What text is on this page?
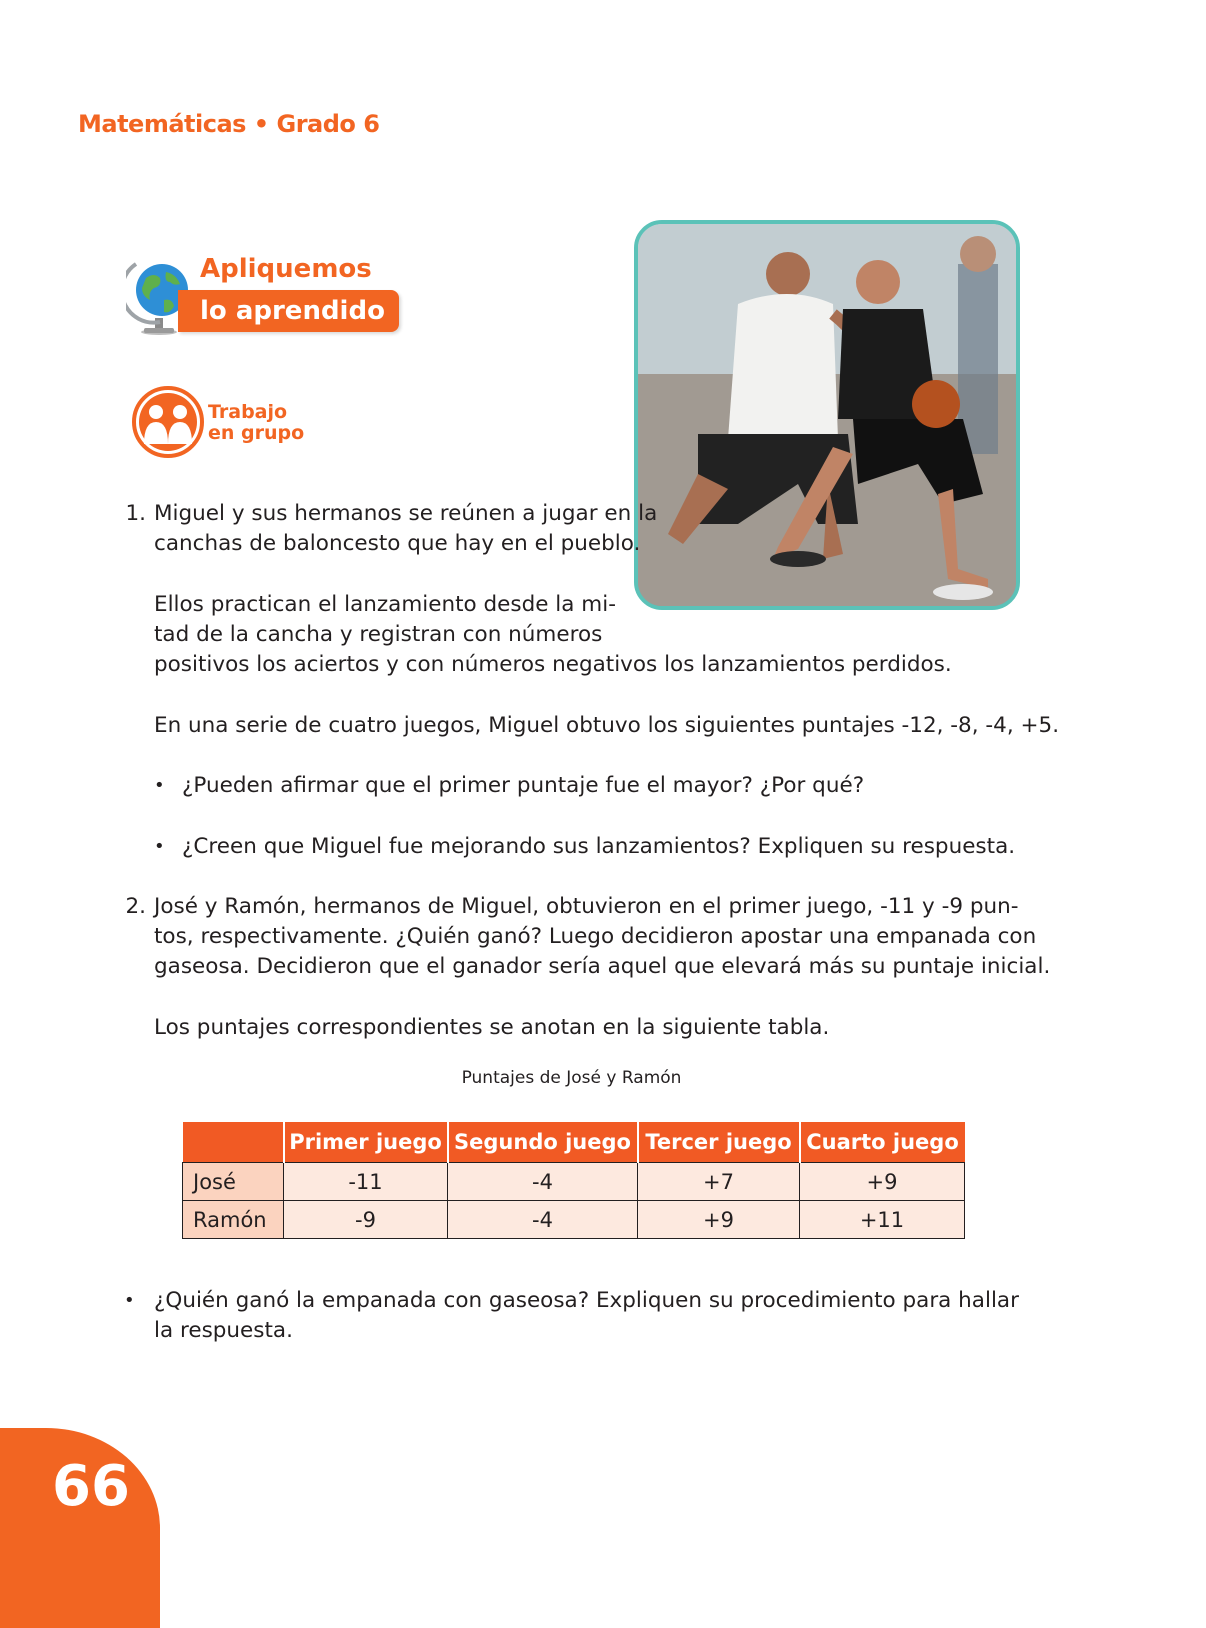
Matemáticas • Grado 6
Apliquemos
lo aprendido
Trabajo
en grupo
1. Miguel y sus hermanos se reúnen a jugar en la
canchas de baloncesto que hay en el pueblo.
Ellos practican el lanzamiento desde la mi-
tad de la cancha y registran con números
positivos los aciertos y con números negativos los lanzamientos perdidos.
En una serie de cuatro juegos, Miguel obtuvo los siguientes puntajes -12, -8, -4, +5.
• ¿Pueden afirmar que el primer puntaje fue el mayor? ¿Por qué?
• ¿Creen que Miguel fue mejorando sus lanzamientos? Expliquen su respuesta.
2. José y Ramón, hermanos de Miguel, obtuvieron en el primer juego, -11 y -9 pun-
tos, respectivamente. ¿Quién ganó? Luego decidieron apostar una empanada con
gaseosa. Decidieron que el ganador sería aquel que elevará más su puntaje inicial.
Los puntajes correspondientes se anotan en la siguiente tabla.
Puntajes de José y Ramón
	Primer juego	Segundo juego	Tercer juego	Cuarto juego
José	-11	-4	+7	+9
Ramón	-9	-4	+9	+11
• ¿Quién ganó la empanada con gaseosa? Expliquen su procedimiento para hallar
la respuesta.
66
